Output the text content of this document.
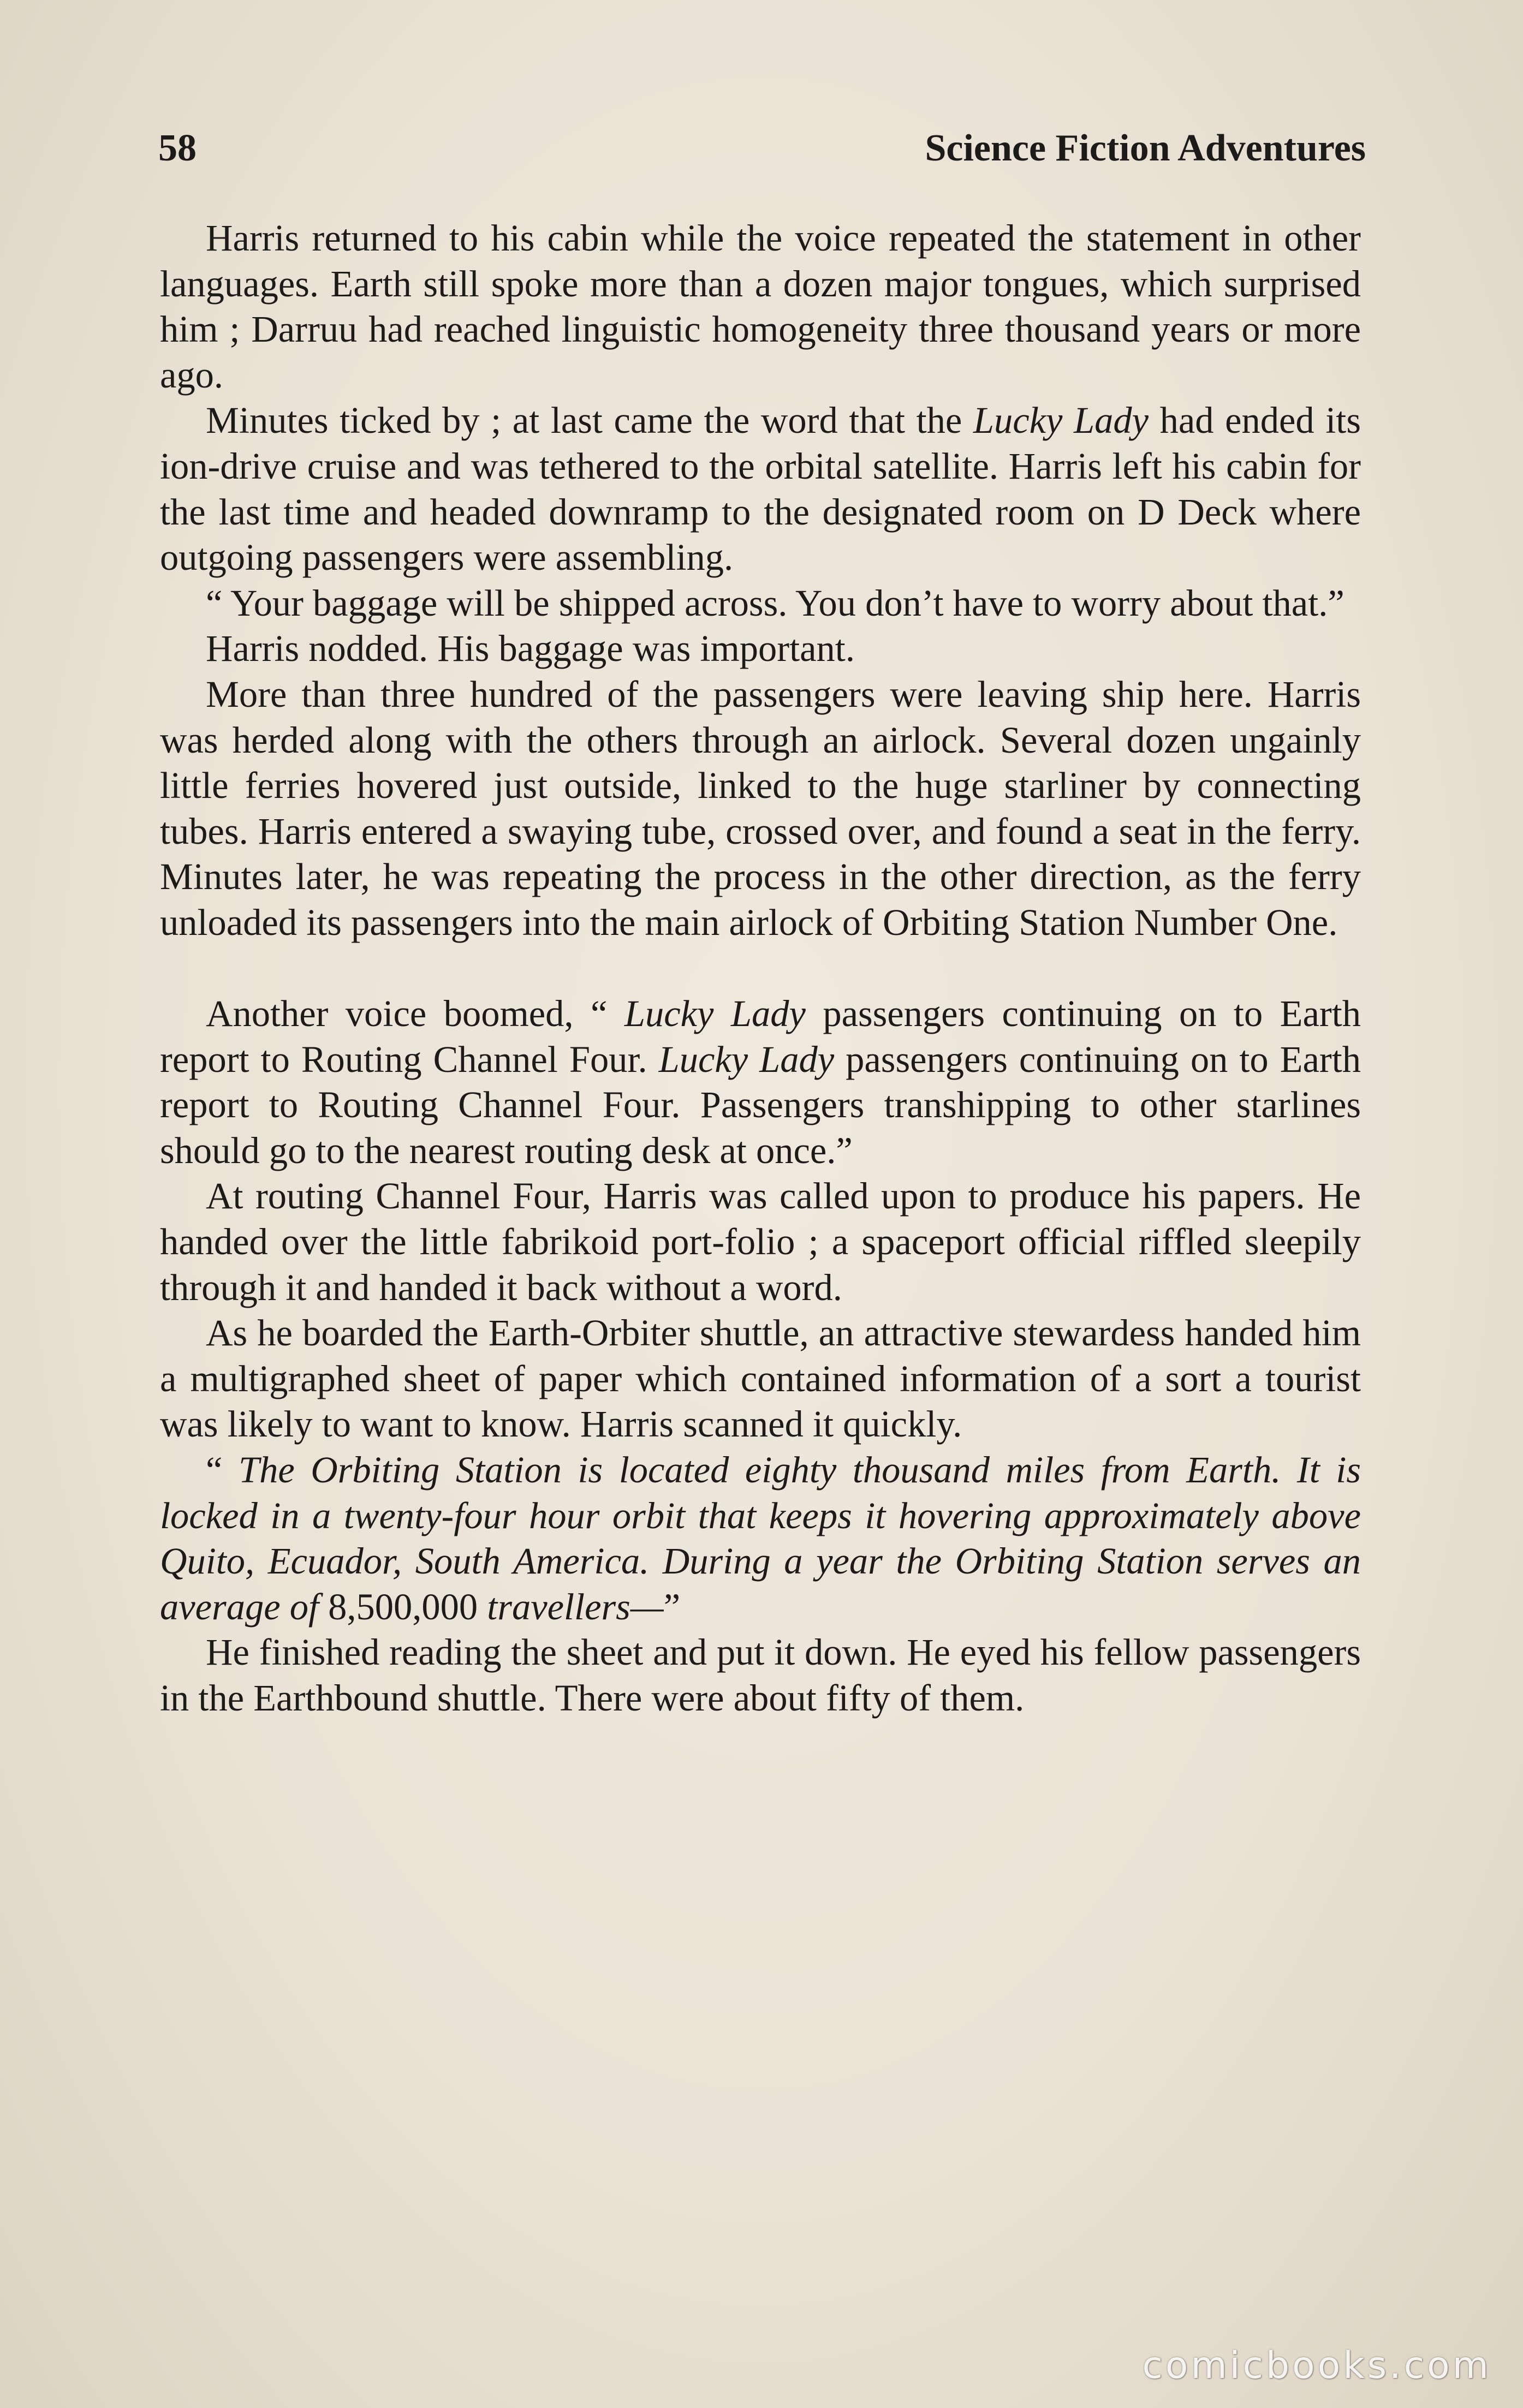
58	Science Fiction Adventures

Harris returned to his cabin while the voice repeated the statement in other languages. Earth still spoke more than a dozen major tongues, which surprised him ; Darruu had reached linguistic homogeneity three thousand years or more ago.

Minutes ticked by ; at last came the word that the Lucky Lady had ended its ion-drive cruise and was tethered to the orbital satellite. Harris left his cabin for the last time and headed downramp to the designated room on D Deck where outgoing passengers were assembling.

“ Your baggage will be shipped across. You don’t have to worry about that.”

Harris nodded. His baggage was important.

More than three hundred of the passengers were leaving ship here. Harris was herded along with the others through an airlock. Several dozen ungainly little ferries hovered just outside, linked to the huge starliner by connecting tubes. Harris entered a swaying tube, crossed over, and found a seat in the ferry. Minutes later, he was repeating the process in the other direction, as the ferry unloaded its passengers into the main airlock of Orbiting Station Number One.

Another voice boomed, “ Lucky Lady passengers continuing on to Earth report to Routing Channel Four. Lucky Lady passengers continuing on to Earth report to Routing Channel Four. Passengers transhipping to other starlines should go to the nearest routing desk at once.”

At routing Channel Four, Harris was called upon to produce his papers. He handed over the little fabrikoid port-folio ; a spaceport official riffled sleepily through it and handed it back without a word.

As he boarded the Earth-Orbiter shuttle, an attractive stewardess handed him a multigraphed sheet of paper which contained information of a sort a tourist was likely to want to know. Harris scanned it quickly.

“ The Orbiting Station is located eighty thousand miles from Earth. It is locked in a twenty-four hour orbit that keeps it hovering approximately above Quito, Ecuador, South America. During a year the Orbiting Station serves an average of 8,500,000 travellers—”

He finished reading the sheet and put it down. He eyed his fellow passengers in the Earthbound shuttle. There were about fifty of them.

comicbooks.com
